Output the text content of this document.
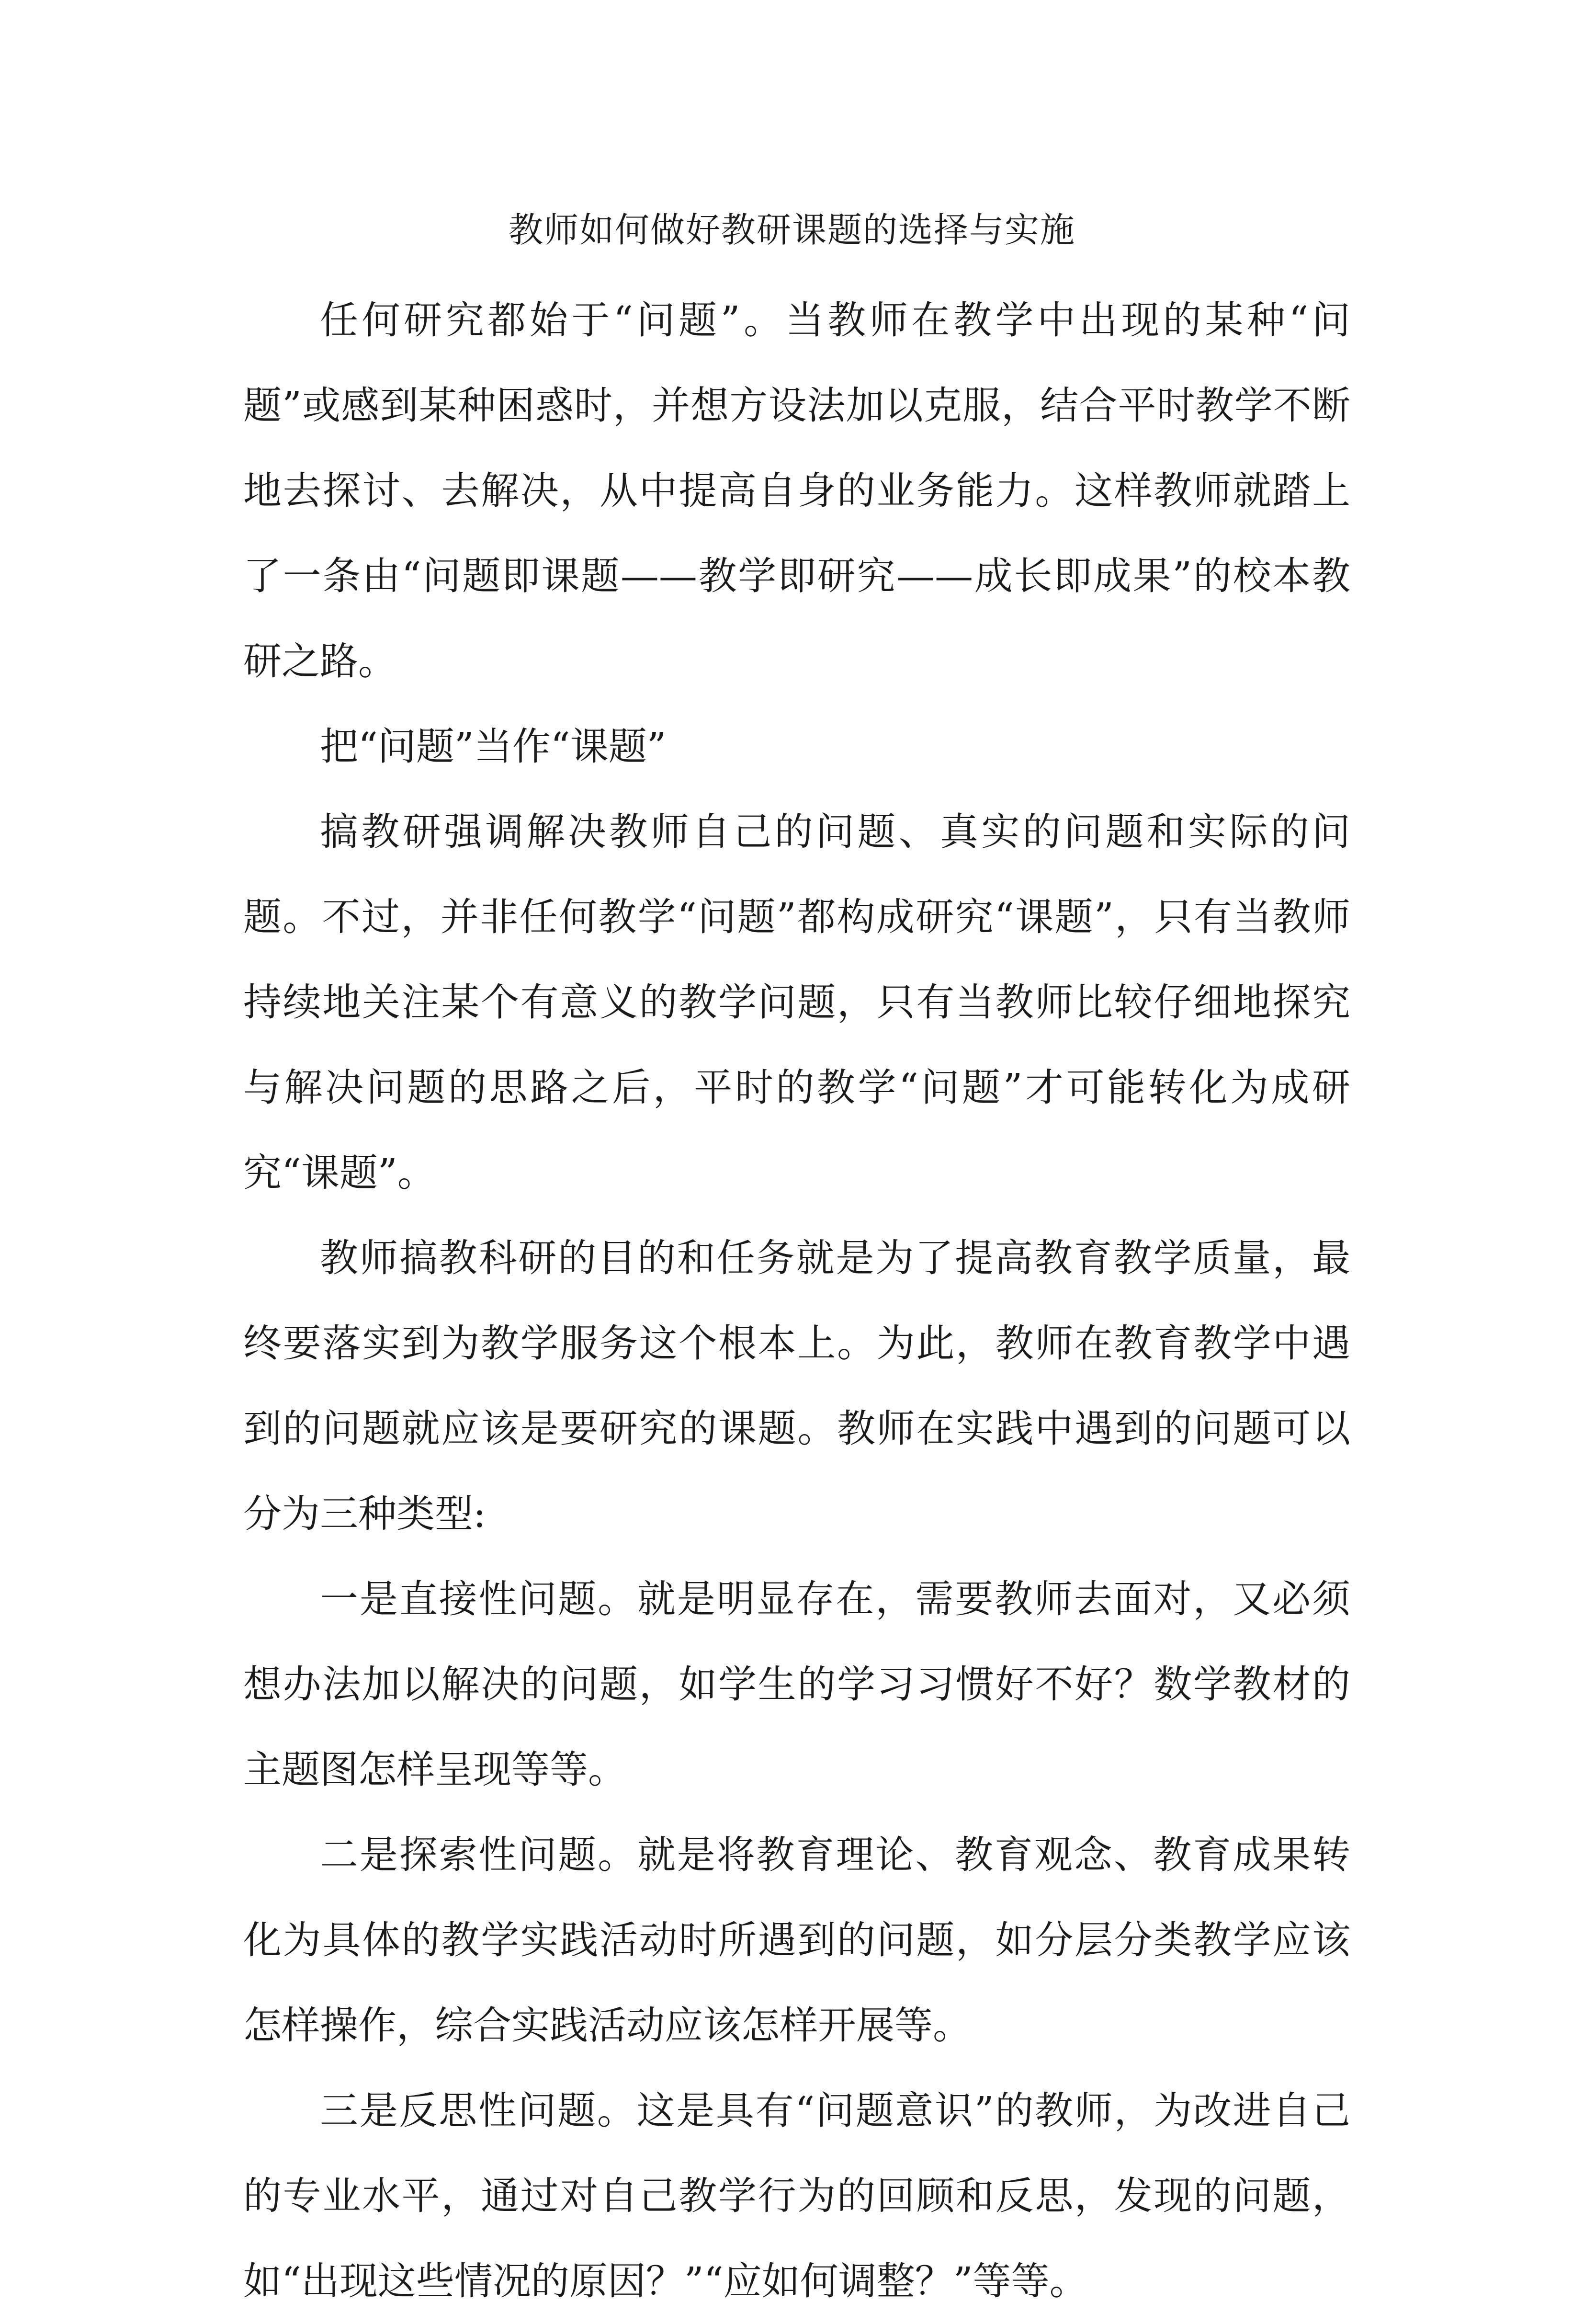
教师如何做好教研课题的选择与实施

任何研究都始于“问题”。当教师在教学中出现的某种“问题”或感到某种困惑时，并想方设法加以克服，结合平时教学不断地去探讨、去解决，从中提高自身的业务能力。这样教师就踏上了一条由“问题即课题——教学即研究——成长即成果”的校本教研之路。

把“问题”当作“课题”

搞教研强调解决教师自己的问题、真实的问题和实际的问题。不过，并非任何教学“问题”都构成研究“课题”，只有当教师持续地关注某个有意义的教学问题，只有当教师比较仔细地探究与解决问题的思路之后，平时的教学“问题”才可能转化为成研究“课题”。

教师搞教科研的目的和任务就是为了提高教育教学质量，最终要落实到为教学服务这个根本上。为此，教师在教育教学中遇到的问题就应该是要研究的课题。教师在实践中遇到的问题可以分为三种类型:

一是直接性问题。就是明显存在，需要教师去面对，又必须想办法加以解决的问题，如学生的学习习惯好不好？数学教材的主题图怎样呈现等等。

二是探索性问题。就是将教育理论、教育观念、教育成果转化为具体的教学实践活动时所遇到的问题，如分层分类教学应该怎样操作，综合实践活动应该怎样开展等。

三是反思性问题。这是具有“问题意识”的教师，为改进自己的专业水平，通过对自己教学行为的回顾和反思，发现的问题，如“出现这些情况的原因？”“应如何调整？”等等。
